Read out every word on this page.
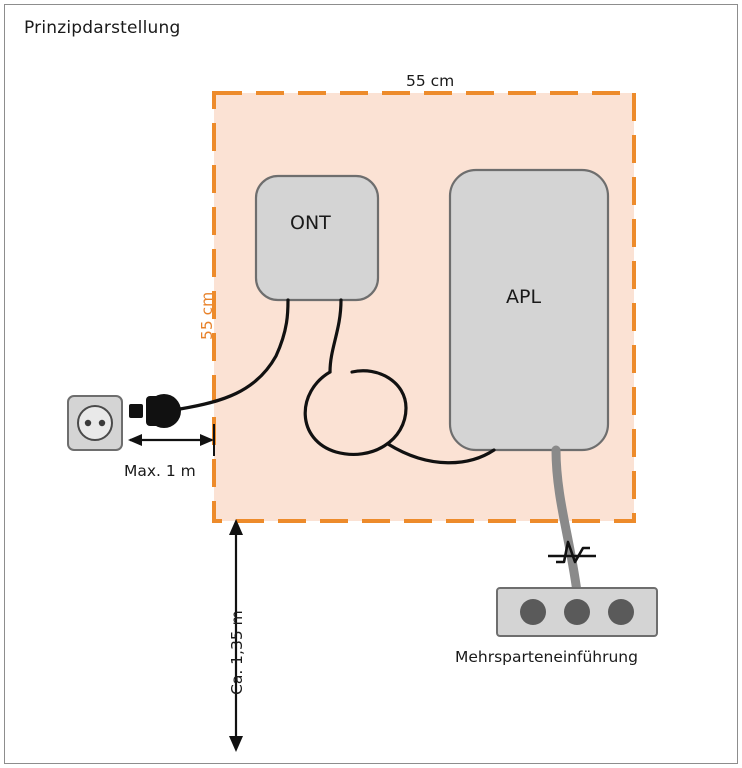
Prinzipdarstellung
55 cm
55 cm
ONT
APL
Max. 1 m
Ca. 1,35 m	Mehrsparteneinführung
